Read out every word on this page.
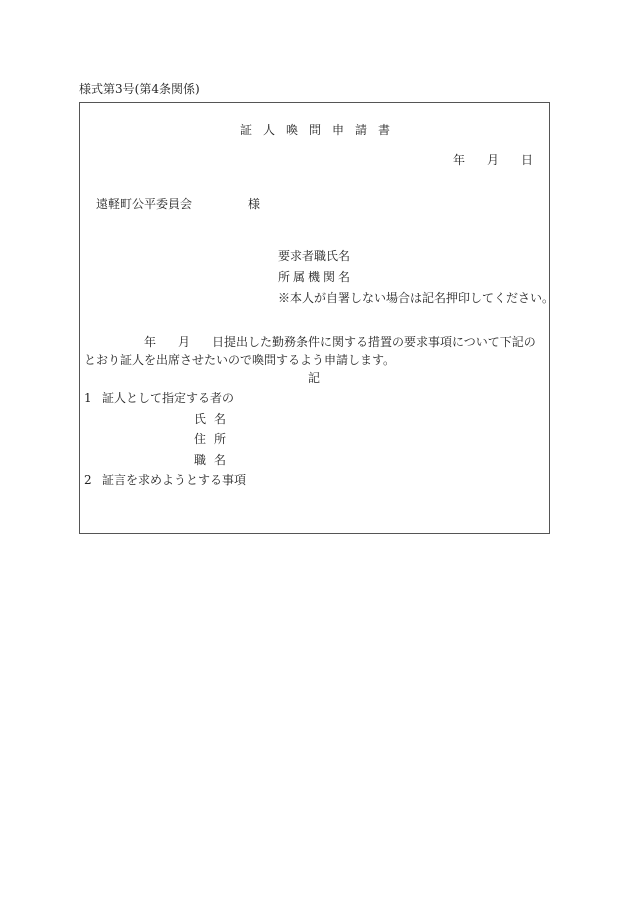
様式第3号(第4条関係)
証人喚問申請書
年 月 日
遠軽町公平委員会	様
要求者職氏名
所属機関名
※本人が自署しない場合は記名押印してください。
年 月 日提出した勤務条件に関する措置の要求事項について下記のとおり証人を出席させたいので喚問するよう申請します。
記
1 証人として指定する者の
氏名
住所
職名
2 証言を求めようとする事項
